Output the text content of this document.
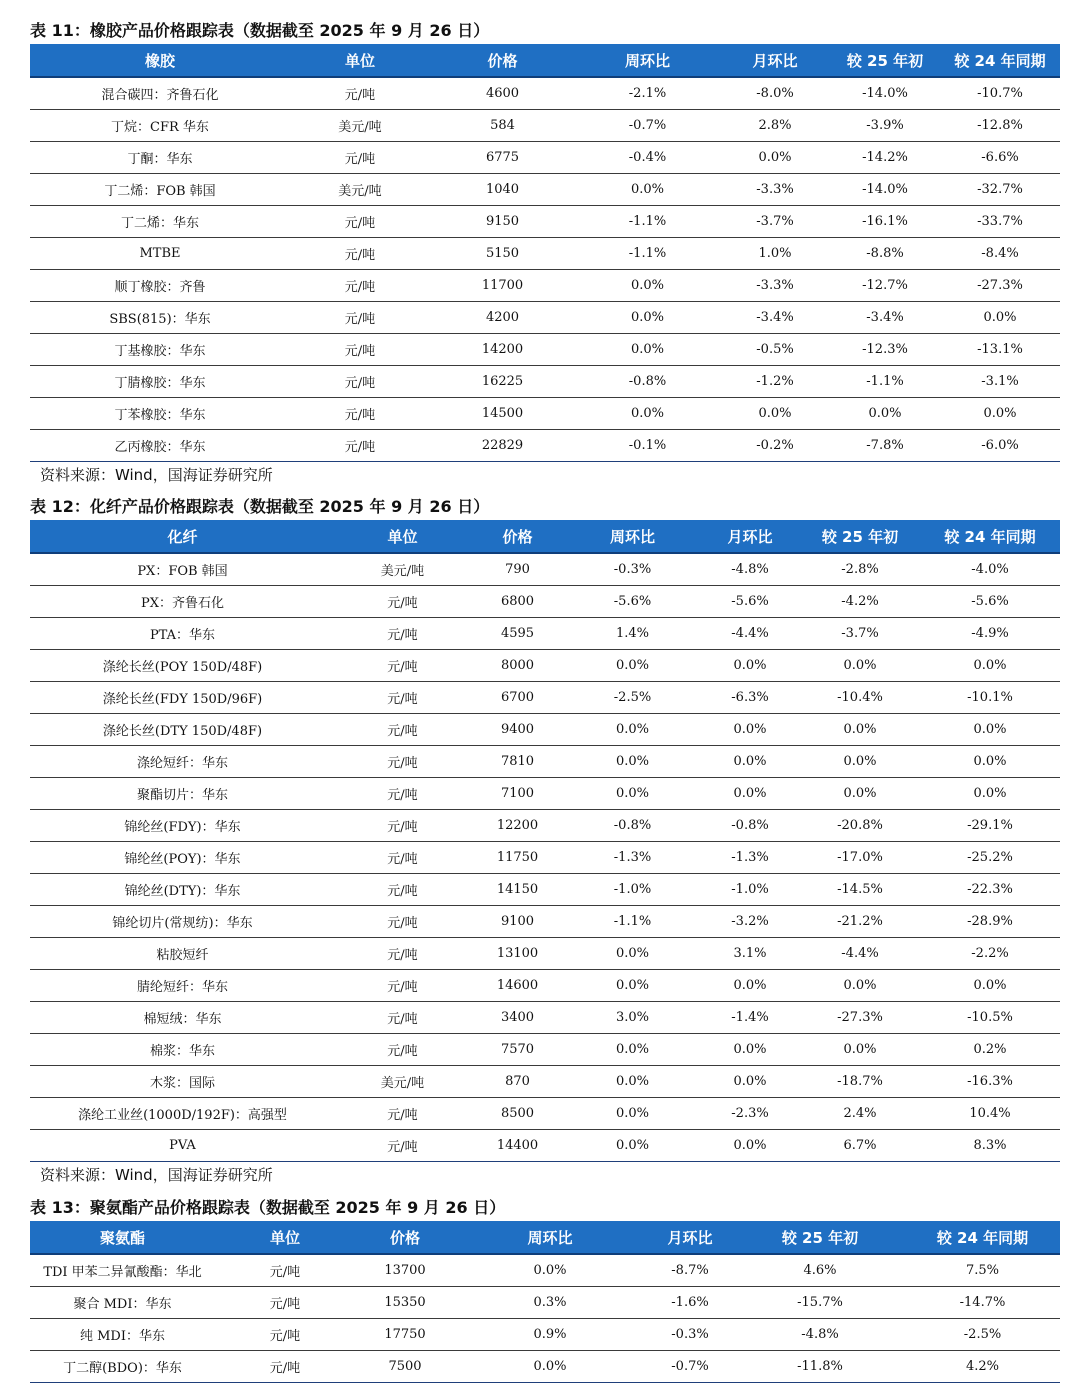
表 11：橡胶产品价格跟踪表（数据截至 2025 年 9 月 26 日）
橡胶	单位	价格	周环比	月环比	较 25 年初	较 24 年同期
混合碳四：齐鲁石化	元/吨	4600	-2.1%	-8.0%	-14.0%	-10.7%
丁烷：CFR 华东	美元/吨	584	-0.7%	2.8%	-3.9%	-12.8%
丁酮：华东	元/吨	6775	-0.4%	0.0%	-14.2%	-6.6%
丁二烯：FOB 韩国	美元/吨	1040	0.0%	-3.3%	-14.0%	-32.7%
丁二烯：华东	元/吨	9150	-1.1%	-3.7%	-16.1%	-33.7%
MTBE	元/吨	5150	-1.1%	1.0%	-8.8%	-8.4%
顺丁橡胶：齐鲁	元/吨	11700	0.0%	-3.3%	-12.7%	-27.3%
SBS(815)：华东	元/吨	4200	0.0%	-3.4%	-3.4%	0.0%
丁基橡胶：华东	元/吨	14200	0.0%	-0.5%	-12.3%	-13.1%
丁腈橡胶：华东	元/吨	16225	-0.8%	-1.2%	-1.1%	-3.1%
丁苯橡胶：华东	元/吨	14500	0.0%	0.0%	0.0%	0.0%
乙丙橡胶：华东	元/吨	22829	-0.1%	-0.2%	-7.8%	-6.0%
资料来源：Wind，国海证券研究所
表 12：化纤产品价格跟踪表（数据截至 2025 年 9 月 26 日）
化纤	单位	价格	周环比	月环比	较 25 年初	较 24 年同期
PX：FOB 韩国	美元/吨	790	-0.3%	-4.8%	-2.8%	-4.0%
PX：齐鲁石化	元/吨	6800	-5.6%	-5.6%	-4.2%	-5.6%
PTA：华东	元/吨	4595	1.4%	-4.4%	-3.7%	-4.9%
涤纶长丝(POY 150D/48F)	元/吨	8000	0.0%	0.0%	0.0%	0.0%
涤纶长丝(FDY 150D/96F)	元/吨	6700	-2.5%	-6.3%	-10.4%	-10.1%
涤纶长丝(DTY 150D/48F)	元/吨	9400	0.0%	0.0%	0.0%	0.0%
涤纶短纤：华东	元/吨	7810	0.0%	0.0%	0.0%	0.0%
聚酯切片：华东	元/吨	7100	0.0%	0.0%	0.0%	0.0%
锦纶丝(FDY)：华东	元/吨	12200	-0.8%	-0.8%	-20.8%	-29.1%
锦纶丝(POY)：华东	元/吨	11750	-1.3%	-1.3%	-17.0%	-25.2%
锦纶丝(DTY)：华东	元/吨	14150	-1.0%	-1.0%	-14.5%	-22.3%
锦纶切片(常规纺)：华东	元/吨	9100	-1.1%	-3.2%	-21.2%	-28.9%
粘胶短纤	元/吨	13100	0.0%	3.1%	-4.4%	-2.2%
腈纶短纤：华东	元/吨	14600	0.0%	0.0%	0.0%	0.0%
棉短绒：华东	元/吨	3400	3.0%	-1.4%	-27.3%	-10.5%
棉浆：华东	元/吨	7570	0.0%	0.0%	0.0%	0.2%
木浆：国际	美元/吨	870	0.0%	0.0%	-18.7%	-16.3%
涤纶工业丝(1000D/192F)：高强型	元/吨	8500	0.0%	-2.3%	2.4%	10.4%
PVA	元/吨	14400	0.0%	0.0%	6.7%	8.3%
资料来源：Wind，国海证券研究所
表 13：聚氨酯产品价格跟踪表（数据截至 2025 年 9 月 26 日）
聚氨酯	单位	价格	周环比	月环比	较 25 年初	较 24 年同期
TDI 甲苯二异氰酸酯：华北	元/吨	13700	0.0%	-8.7%	4.6%	7.5%
聚合 MDI：华东	元/吨	15350	0.3%	-1.6%	-15.7%	-14.7%
纯 MDI：华东	元/吨	17750	0.9%	-0.3%	-4.8%	-2.5%
丁二醇(BDO)：华东	元/吨	7500	0.0%	-0.7%	-11.8%	4.2%
